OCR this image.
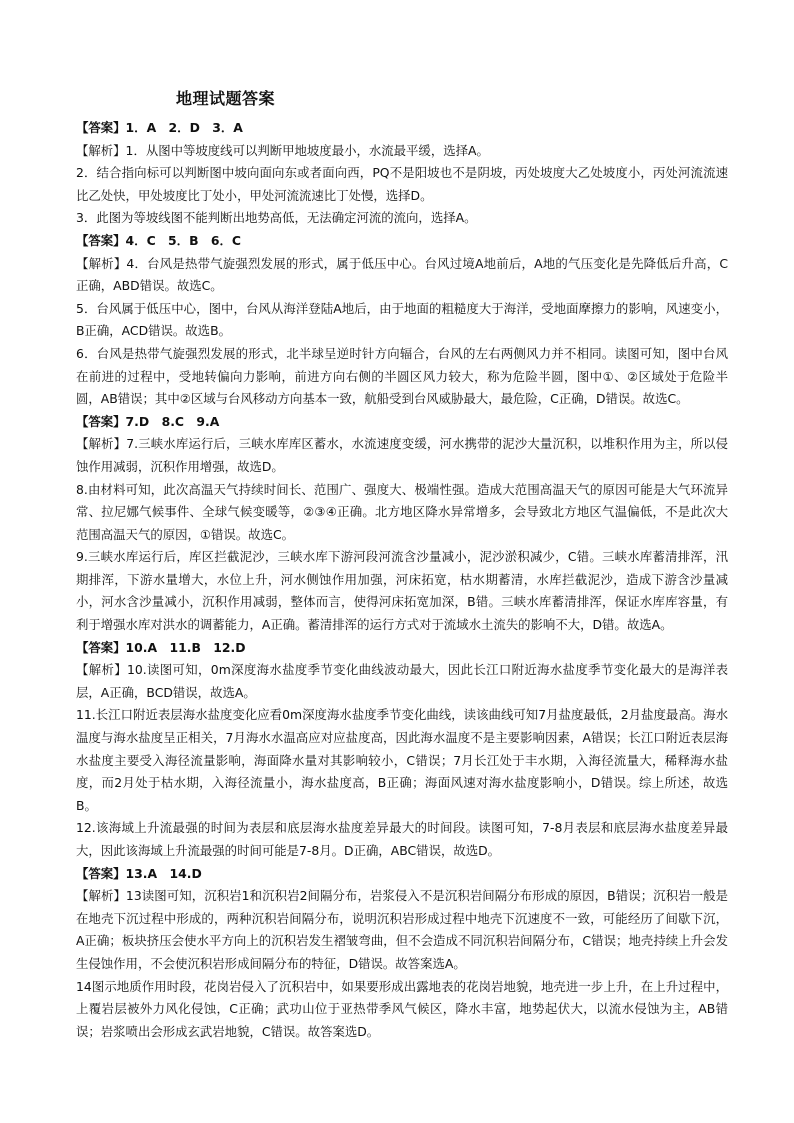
地理试题答案

【答案】1．A　2．D　3．A

【解析】1．从图中等坡度线可以判断甲地坡度最小，水流最平缓，选择A。

2．结合指向标可以判断图中坡向面向东或者面向西，PQ不是阳坡也不是阴坡，丙处坡度大乙处坡度小，丙处河流流速比乙处快，甲处坡度比丁处小，甲处河流流速比丁处慢，选择D。

3．此图为等坡线图不能判断出地势高低，无法确定河流的流向，选择A。

【答案】4．C　5．B　6．C

【解析】4．台风是热带气旋强烈发展的形式，属于低压中心。台风过境A地前后，A地的气压变化是先降低后升高，C正确，ABD错误。故选C。

5．台风属于低压中心，图中，台风从海洋登陆A地后，由于地面的粗糙度大于海洋，受地面摩擦力的影响，风速变小，B正确，ACD错误。故选B。

6．台风是热带气旋强烈发展的形式，北半球呈逆时针方向辐合，台风的左右两侧风力并不相同。读图可知，图中台风在前进的过程中，受地转偏向力影响，前进方向右侧的半圆区风力较大，称为危险半圆，图中①、②区域处于危险半圆，AB错误；其中②区域与台风移动方向基本一致，航船受到台风威胁最大，最危险，C正确，D错误。故选C。

【答案】7.D　8.C　9.A

【解析】7.三峡水库运行后，三峡水库库区蓄水，水流速度变缓，河水携带的泥沙大量沉积，以堆积作用为主，所以侵蚀作用减弱，沉积作用增强，故选D。

8.由材料可知，此次高温天气持续时间长、范围广、强度大、极端性强。造成大范围高温天气的原因可能是大气环流异常、拉尼娜气候事件、全球气候变暖等，②③④正确。北方地区降水异常增多，会导致北方地区气温偏低，不是此次大范围高温天气的原因，①错误。故选C。

9.三峡水库运行后，库区拦截泥沙，三峡水库下游河段河流含沙量减小，泥沙淤积减少，C错。三峡水库蓄清排浑，汛期排浑，下游水量增大，水位上升，河水侧蚀作用加强，河床拓宽，枯水期蓄清，水库拦截泥沙，造成下游含沙量减小，河水含沙量减小，沉积作用减弱，整体而言，使得河床拓宽加深，B错。三峡水库蓄清排浑，保证水库库容量，有利于增强水库对洪水的调蓄能力，A正确。蓄清排浑的运行方式对于流域水土流失的影响不大，D错。故选A。

【答案】10.A　11.B　12.D

【解析】10.读图可知，0m深度海水盐度季节变化曲线波动最大，因此长江口附近海水盐度季节变化最大的是海洋表层，A正确，BCD错误，故选A。

11.长江口附近表层海水盐度变化应看0m深度海水盐度季节变化曲线，读该曲线可知7月盐度最低，2月盐度最高。海水温度与海水盐度呈正相关，7月海水水温高应对应盐度高，因此海水温度不是主要影响因素，A错误；长江口附近表层海水盐度主要受入海径流量影响，海面降水量对其影响较小，C错误；7月长江处于丰水期，入海径流量大，稀释海水盐度，而2月处于枯水期，入海径流量小，海水盐度高，B正确；海面风速对海水盐度影响小，D错误。综上所述，故选B。

12.该海域上升流最强的时间为表层和底层海水盐度差异最大的时间段。读图可知，7-8月表层和底层海水盐度差异最大，因此该海域上升流最强的时间可能是7-8月。D正确，ABC错误，故选D。

【答案】13.A　14.D

【解析】13读图可知，沉积岩1和沉积岩2间隔分布，岩浆侵入不是沉积岩间隔分布形成的原因，B错误；沉积岩一般是在地壳下沉过程中形成的，两种沉积岩间隔分布，说明沉积岩形成过程中地壳下沉速度不一致，可能经历了间歇下沉，A正确；板块挤压会使水平方向上的沉积岩发生褶皱弯曲，但不会造成不同沉积岩间隔分布，C错误；地壳持续上升会发生侵蚀作用，不会使沉积岩形成间隔分布的特征，D错误。故答案选A。

14图示地质作用时段，花岗岩侵入了沉积岩中，如果要形成出露地表的花岗岩地貌，地壳进一步上升，在上升过程中，上覆岩层被外力风化侵蚀，C正确；武功山位于亚热带季风气候区，降水丰富，地势起伏大，以流水侵蚀为主，AB错误；岩浆喷出会形成玄武岩地貌，C错误。故答案选D。
